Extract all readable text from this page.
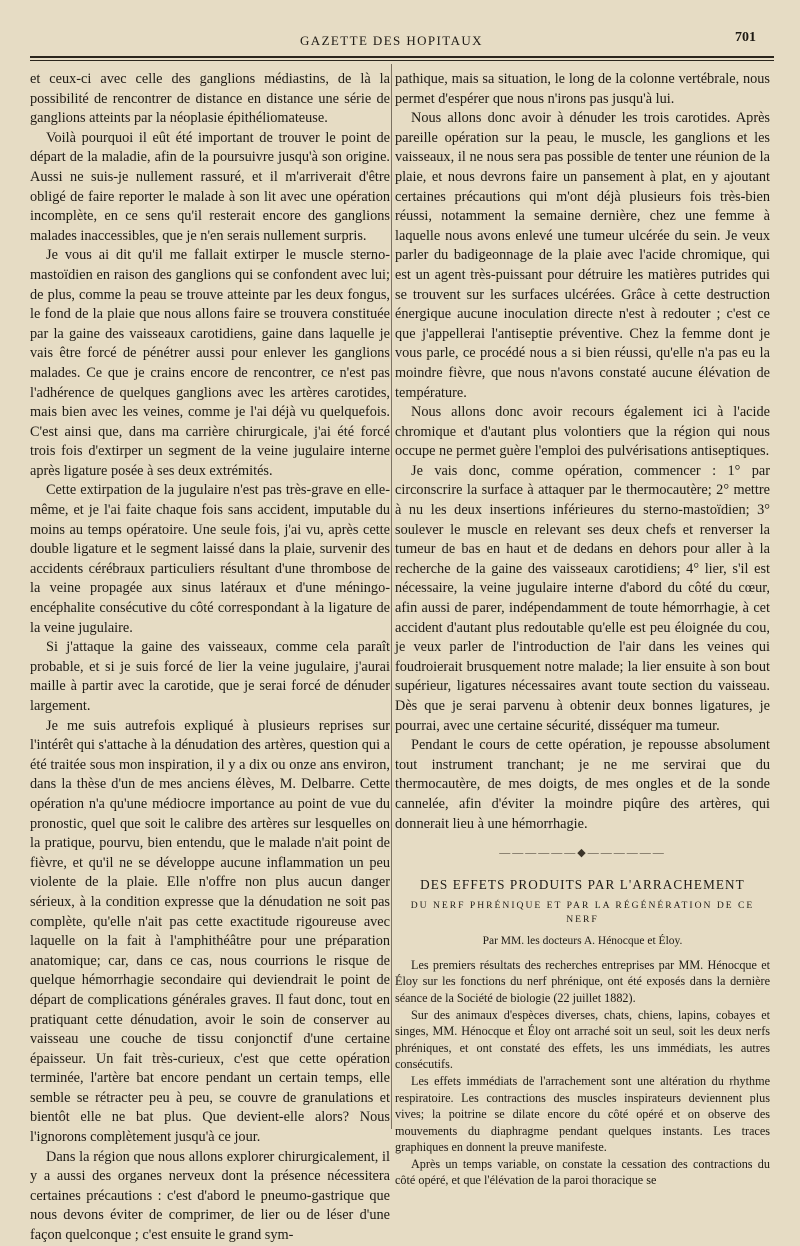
GAZETTE DES HOPITAUX	701

et ceux-ci avec celle des ganglions médiastins, de là la possibilité de rencontrer de distance en distance une série de ganglions atteints par la néoplasie épithéliomateuse.

Voilà pourquoi il eût été important de trouver le point de départ de la maladie, afin de la poursuivre jusqu'à son origine. Aussi ne suis-je nullement rassuré, et il m'arriverait d'être obligé de faire reporter le malade à son lit avec une opération incomplète, en ce sens qu'il resterait encore des ganglions malades inaccessibles, que je n'en serais nullement surpris.

Je vous ai dit qu'il me fallait extirper le muscle sterno-mastoïdien en raison des ganglions qui se confondent avec lui; de plus, comme la peau se trouve atteinte par les deux fongus, le fond de la plaie que nous allons faire se trouvera constituée par la gaine des vaisseaux carotidiens, gaine dans laquelle je vais être forcé de pénétrer aussi pour enlever les ganglions malades. Ce que je crains encore de rencontrer, ce n'est pas l'adhérence de quelques ganglions avec les artères carotides, mais bien avec les veines, comme je l'ai déjà vu quelquefois. C'est ainsi que, dans ma carrière chirurgicale, j'ai été forcé trois fois d'extirper un segment de la veine jugulaire interne après ligature posée à ses deux extrémités.

Cette extirpation de la jugulaire n'est pas très-grave en elle-même, et je l'ai faite chaque fois sans accident, imputable du moins au temps opératoire. Une seule fois, j'ai vu, après cette double ligature et le segment laissé dans la plaie, survenir des accidents cérébraux particuliers résultant d'une thrombose de la veine propagée aux sinus latéraux et d'une méningo-encéphalite consécutive du côté correspondant à la ligature de la veine jugulaire.

Si j'attaque la gaine des vaisseaux, comme cela paraît probable, et si je suis forcé de lier la veine jugulaire, j'aurai maille à partir avec la carotide, que je serai forcé de dénuder largement.

Je me suis autrefois expliqué à plusieurs reprises sur l'intérêt qui s'attache à la dénudation des artères, question qui a été traitée sous mon inspiration, il y a dix ou onze ans environ, dans la thèse d'un de mes anciens élèves, M. Delbarre. Cette opération n'a qu'une médiocre importance au point de vue du pronostic, quel que soit le calibre des artères sur lesquelles on la pratique, pourvu, bien entendu, que le malade n'ait point de fièvre, et qu'il ne se développe aucune inflammation un peu violente de la plaie. Elle n'offre non plus aucun danger sérieux, à la condition expresse que la dénudation ne soit pas complète, qu'elle n'ait pas cette exactitude rigoureuse avec laquelle on la fait à l'amphithéâtre pour une préparation anatomique; car, dans ce cas, nous courrions le risque de quelque hémorrhagie secondaire qui deviendrait le point de départ de complications générales graves. Il faut donc, tout en pratiquant cette dénudation, avoir le soin de conserver au vaisseau une couche de tissu conjonctif d'une certaine épaisseur. Un fait très-curieux, c'est que cette opération terminée, l'artère bat encore pendant un certain temps, elle semble se rétracter peu à peu, se couvre de granulations et bientôt elle ne bat plus. Que devient-elle alors? Nous l'ignorons complètement jusqu'à ce jour.

Dans la région que nous allons explorer chirurgicalement, il y a aussi des organes nerveux dont la présence nécessitera certaines précautions : c'est d'abord le pneumo-gastrique que nous devons éviter de comprimer, de lier ou de léser d'une façon quelconque ; c'est ensuite le grand sym-

pathique, mais sa situation, le long de la colonne vertébrale, nous permet d'espérer que nous n'irons pas jusqu'à lui.

Nous allons donc avoir à dénuder les trois carotides. Après pareille opération sur la peau, le muscle, les ganglions et les vaisseaux, il ne nous sera pas possible de tenter une réunion de la plaie, et nous devrons faire un pansement à plat, en y ajoutant certaines précautions qui m'ont déjà plusieurs fois très-bien réussi, notamment la semaine dernière, chez une femme à laquelle nous avons enlevé une tumeur ulcérée du sein. Je veux parler du badigeonnage de la plaie avec l'acide chromique, qui est un agent très-puissant pour détruire les matières putrides qui se trouvent sur les surfaces ulcérées. Grâce à cette destruction énergique aucune inoculation directe n'est à redouter ; c'est ce que j'appellerai l'antiseptie préventive. Chez la femme dont je vous parle, ce procédé nous a si bien réussi, qu'elle n'a pas eu la moindre fièvre, que nous n'avons constaté aucune élévation de température.

Nous allons donc avoir recours également ici à l'acide chromique et d'autant plus volontiers que la région qui nous occupe ne permet guère l'emploi des pulvérisations antiseptiques.

Je vais donc, comme opération, commencer : 1° par circonscrire la surface à attaquer par le thermocautère; 2° mettre à nu les deux insertions inférieures du sterno-mastoïdien; 3° soulever le muscle en relevant ses deux chefs et renverser la tumeur de bas en haut et de dedans en dehors pour aller à la recherche de la gaine des vaisseaux carotidiens; 4° lier, s'il est nécessaire, la veine jugulaire interne d'abord du côté du cœur, afin aussi de parer, indépendamment de toute hémorrhagie, à cet accident d'autant plus redoutable qu'elle est peu éloignée du cou, je veux parler de l'introduction de l'air dans les veines qui foudroierait brusquement notre malade; la lier ensuite à son bout supérieur, ligatures nécessaires avant toute section du vaisseau. Dès que je serai parvenu à obtenir deux bonnes ligatures, je pourrai, avec une certaine sécurité, disséquer ma tumeur.

Pendant le cours de cette opération, je repousse absolument tout instrument tranchant; je ne me servirai que du thermocautère, de mes doigts, de mes ongles et de la sonde cannelée, afin d'éviter la moindre piqûre des artères, qui donnerait lieu à une hémorrhagie.

——————◆——————
DES EFFETS PRODUITS PAR L'ARRACHEMENT
DU NERF PHRÉNIQUE ET PAR LA RÉGÉNÉRATION DE CE NERF
Par MM. les docteurs A. Hénocque et Éloy.

Les premiers résultats des recherches entreprises par MM. Hénocque et Éloy sur les fonctions du nerf phrénique, ont été exposés dans la dernière séance de la Société de biologie (22 juillet 1882).

Sur des animaux d'espèces diverses, chats, chiens, lapins, cobayes et singes, MM. Hénocque et Éloy ont arraché soit un seul, soit les deux nerfs phréniques, et ont constaté des effets, les uns immédiats, les autres consécutifs.

Les effets immédiats de l'arrachement sont une altération du rhythme respiratoire. Les contractions des muscles inspirateurs deviennent plus vives; la poitrine se dilate encore du côté opéré et on observe des mouvements du diaphragme pendant quelques instants. Les traces graphiques en donnent la preuve manifeste.

Après un temps variable, on constate la cessation des contractions du côté opéré, et que l'élévation de la paroi thoracique se
